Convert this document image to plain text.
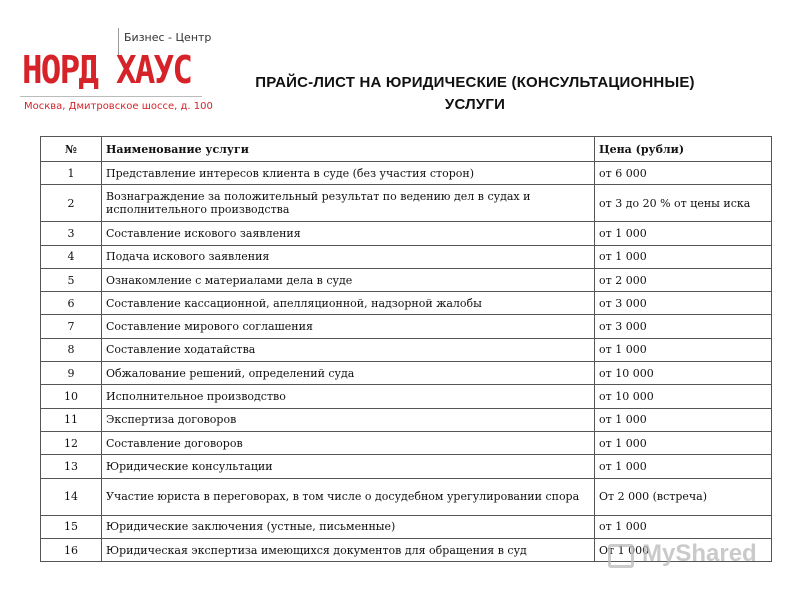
Бизнес - Центр
НОРД ХАУС
Москва, Дмитровское шоссе, д. 100
ПРАЙС-ЛИСТ НА ЮРИДИЧЕСКИЕ (КОНСУЛЬТАЦИОННЫЕ)
УСЛУГИ
№	Наименование услуги	Цена (рубли)
1	Представление интересов клиента в суде (без участия сторон)	от 6 000
2	Вознаграждение за положительный результат по ведению дел в судах и исполнительного производства	от 3 до 20 % от цены иска
3	Составление искового заявления	от 1 000
4	Подача искового заявления	от 1 000
5	Ознакомление с материалами дела в суде	от 2 000
6	Составление кассационной, апелляционной, надзорной жалобы	от 3 000
7	Составление мирового соглашения	от 3 000
8	Составление ходатайства	от 1 000
9	Обжалование решений, определений суда	от 10 000
10	Исполнительное производство	от 10 000
11	Экспертиза договоров	от 1 000
12	Составление договоров	от 1 000
13	Юридические консультации	от 1 000
14	Участие юриста в переговорах, в том числе о досудебном урегулировании спора	От 2 000 (встреча)
15	Юридические заключения (устные, письменные)	от 1 000
16	Юридическая экспертиза имеющихся документов для обращения в суд	От 1 000
MyShared
